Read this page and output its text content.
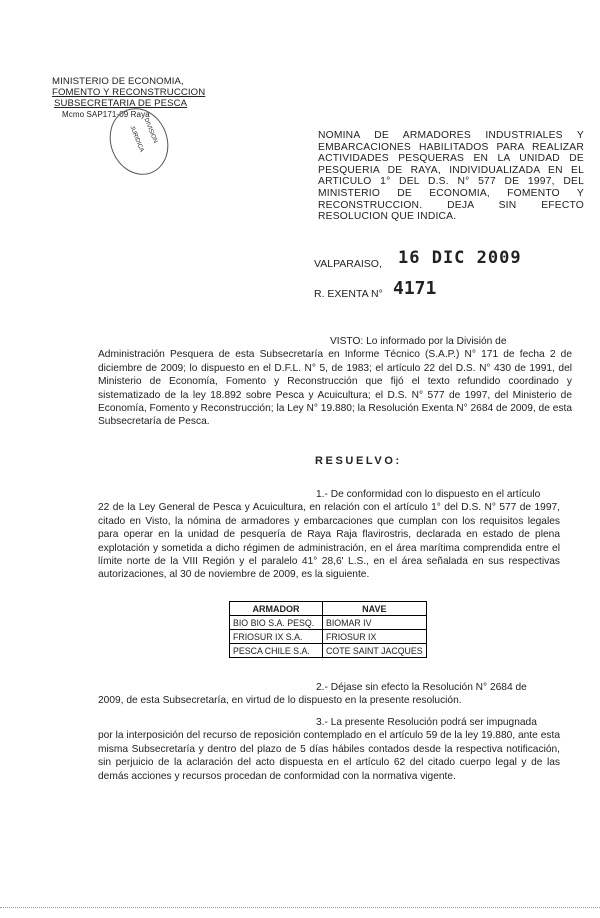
MINISTERIO DE ECONOMIA,
FOMENTO Y RECONSTRUCCION
SUBSECRETARIA DE PESCA
Mcmo SAP171-09 Raya
DIVISION
JURIDICA	NOMINA DE ARMADORES INDUSTRIALES Y EMBARCACIONES HABILITADOS PARA REALIZAR ACTIVIDADES PESQUERAS EN LA UNIDAD DE PESQUERIA DE RAYA, INDIVIDUALIZADA EN EL ARTICULO 1° DEL D.S. N° 577 DE 1997, DEL MINISTERIO DE ECONOMIA, FOMENTO Y RECONSTRUCCION. DEJA SIN EFECTO RESOLUCION QUE INDICA.
VALPARAISO, 16 DIC 2009
R. EXENTA N° 4171
VISTO: Lo informado por la División de
Administración Pesquera de esta Subsecretaría en Informe Técnico (S.A.P.) N° 171 de fecha 2 de diciembre de 2009; lo dispuesto en el D.F.L. N° 5, de 1983; el artículo 22 del D.S. N° 430 de 1991, del Ministerio de Economía, Fomento y Reconstrucción que fijó el texto refundido coordinado y sistematizado de la ley 18.892 sobre Pesca y Acuicultura; el D.S. N° 577 de 1997, del Ministerio de Economía, Fomento y Reconstrucción; la Ley N° 19.880; la Resolución Exenta N° 2684 de 2009, de esta Subsecretaría de Pesca.
RESUELVO:
1.- De conformidad con lo dispuesto en el artículo
22 de la Ley General de Pesca y Acuicultura, en relación con el artículo 1° del D.S. N° 577 de 1997, citado en Visto, la nómina de armadores y embarcaciones que cumplan con los requisitos legales para operar en la unidad de pesquería de Raya Raja flavirostris, declarada en estado de plena explotación y sometida a dicho régimen de administración, en el área marítima comprendida entre el límite norte de la VIII Región y el paralelo 41° 28,6' L.S., en el área señalada en sus respectivas autorizaciones, al 30 de noviembre de 2009, es la siguiente.
ARMADOR	NAVE
BIO BIO S.A. PESQ.	BIOMAR IV
FRIOSUR IX S.A.	FRIOSUR IX
PESCA CHILE S.A.	COTE SAINT JACQUES
2.- Déjase sin efecto la Resolución N° 2684 de
2009, de esta Subsecretaría, en virtud de lo dispuesto en la presente resolución.
3.- La presente Resolución podrá ser impugnada
por la interposición del recurso de reposición contemplado en el artículo 59 de la ley 19.880, ante esta misma Subsecretaría y dentro del plazo de 5 días hábiles contados desde la respectiva notificación, sin perjuicio de la aclaración del acto dispuesta en el artículo 62 del citado cuerpo legal y de las demás acciones y recursos procedan de conformidad con la normativa vigente.
